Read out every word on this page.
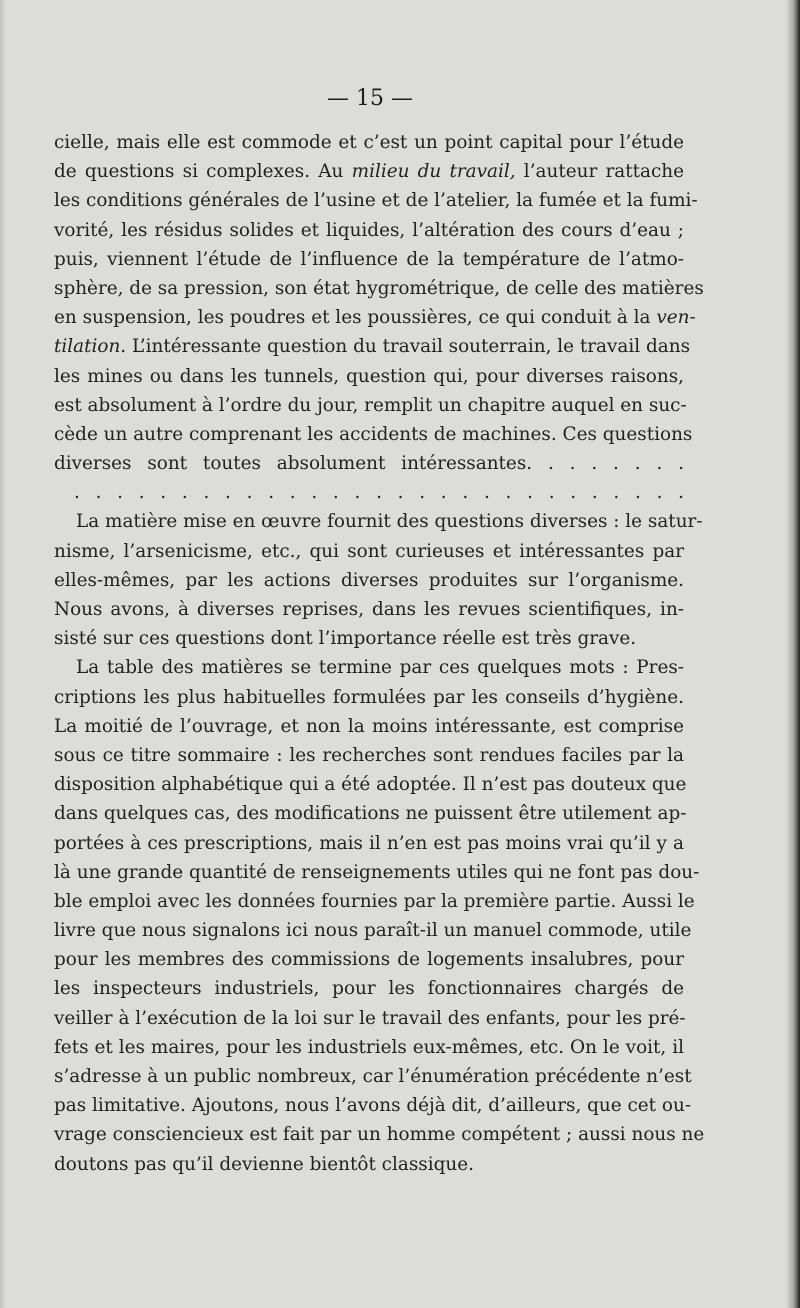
— 15 —
cielle, mais elle est commode et c’est un point capital pour l’étude
de questions si complexes. Au milieu du travail, l’auteur rattache
les conditions générales de l’usine et de l’atelier, la fumée et la fumi-
vorité, les résidus solides et liquides, l’altération des cours d’eau ;
puis, viennent l’étude de l’influence de la température de l’atmo-
sphère, de sa pression, son état hygrométrique, de celle des matières
en suspension, les poudres et les poussières, ce qui conduit à la ven-
tilation. L’intéressante question du travail souterrain, le travail dans
les mines ou dans les tunnels, question qui, pour diverses raisons,
est absolument à l’ordre du jour, remplit un chapitre auquel en suc-
cède un autre comprenant les accidents de machines. Ces questions
diverses sont toutes absolument intéressantes. . . . . . . .
. . . . . . . . . . . . . . . . . . . . . . . . . . . . .
La matière mise en œuvre fournit des questions diverses : le satur-
nisme, l’arsenicisme, etc., qui sont curieuses et intéressantes par
elles-mêmes, par les actions diverses produites sur l’organisme.
Nous avons, à diverses reprises, dans les revues scientifiques, in-
sisté sur ces questions dont l’importance réelle est très grave.
La table des matières se termine par ces quelques mots : Pres-
criptions les plus habituelles formulées par les conseils d’hygiène.
La moitié de l’ouvrage, et non la moins intéressante, est comprise
sous ce titre sommaire : les recherches sont rendues faciles par la
disposition alphabétique qui a été adoptée. Il n’est pas douteux que
dans quelques cas, des modifications ne puissent être utilement ap-
portées à ces prescriptions, mais il n’en est pas moins vrai qu’il y a
là une grande quantité de renseignements utiles qui ne font pas dou-
ble emploi avec les données fournies par la première partie. Aussi le
livre que nous signalons ici nous paraît-il un manuel commode, utile
pour les membres des commissions de logements insalubres, pour
les inspecteurs industriels, pour les fonctionnaires chargés de
veiller à l’exécution de la loi sur le travail des enfants, pour les pré-
fets et les maires, pour les industriels eux-mêmes, etc. On le voit, il
s’adresse à un public nombreux, car l’énumération précédente n’est
pas limitative. Ajoutons, nous l’avons déjà dit, d’ailleurs, que cet ou-
vrage consciencieux est fait par un homme compétent ; aussi nous ne
doutons pas qu’il devienne bientôt classique.
